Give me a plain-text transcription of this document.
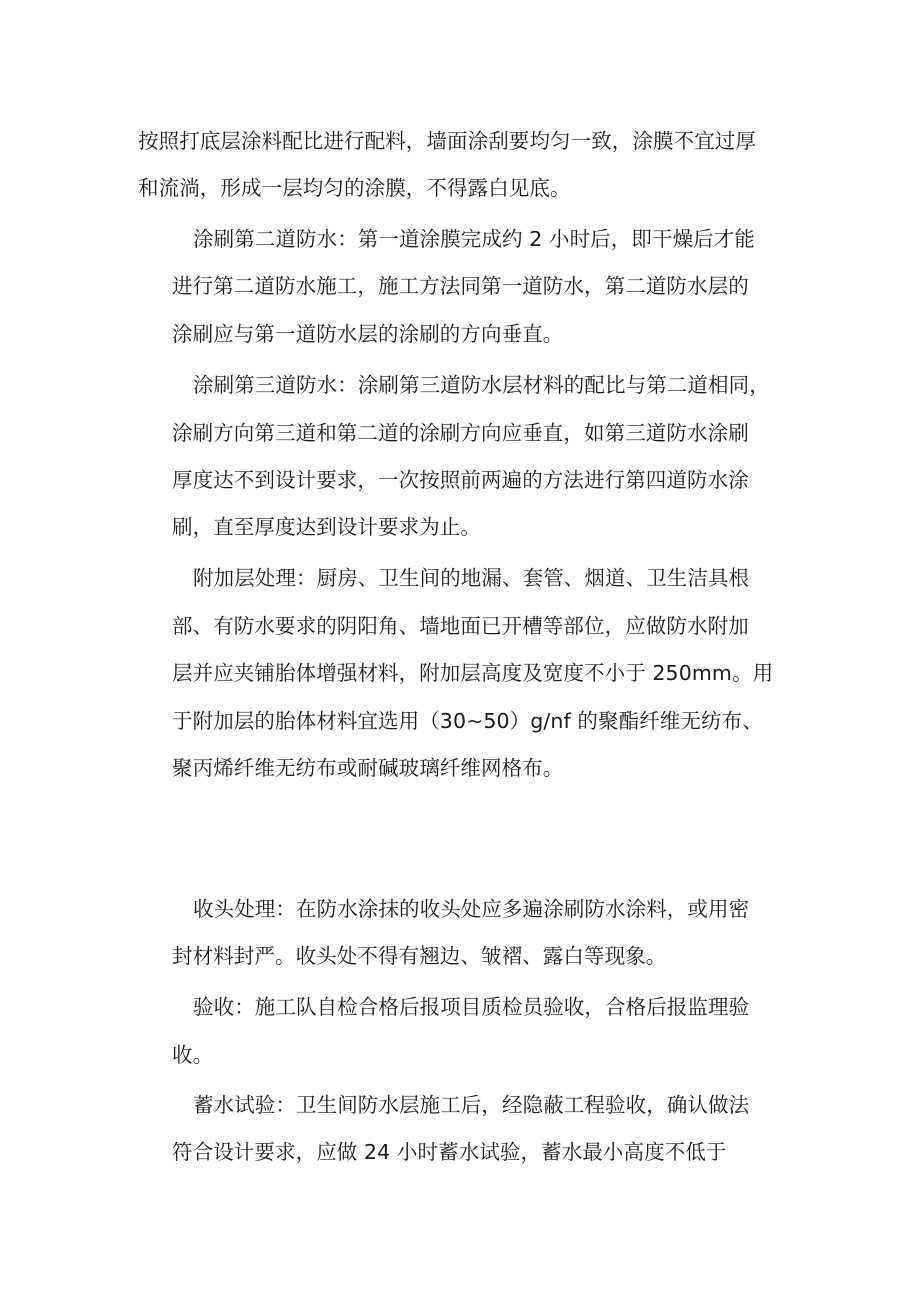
按照打底层涂料配比进行配料，墙面涂刮要均匀一致，涂膜不宜过厚
和流淌，形成一层均匀的涂膜，不得露白见底。
涂刷第二道防水：第一道涂膜完成约 2 小时后，即干燥后才能
进行第二道防水施工，施工方法同第一道防水，第二道防水层的
涂刷应与第一道防水层的涂刷的方向垂直。
涂刷第三道防水：涂刷第三道防水层材料的配比与第二道相同，
涂刷方向第三道和第二道的涂刷方向应垂直，如第三道防水涂刷
厚度达不到设计要求，一次按照前两遍的方法进行第四道防水涂
刷，直至厚度达到设计要求为止。
附加层处理：厨房、卫生间的地漏、套管、烟道、卫生洁具根
部、有防水要求的阴阳角、墙地面已开槽等部位，应做防水附加
层并应夹铺胎体增强材料，附加层高度及宽度不小于 250mm。用
于附加层的胎体材料宜选用（30~50）g/nf 的聚酯纤维无纺布、
聚丙烯纤维无纺布或耐碱玻璃纤维网格布。
收头处理：在防水涂抹的收头处应多遍涂刷防水涂料，或用密
封材料封严。收头处不得有翘边、皱褶、露白等现象。
验收：施工队自检合格后报项目质检员验收，合格后报监理验
收。
蓄水试验：卫生间防水层施工后，经隐蔽工程验收，确认做法
符合设计要求，应做 24 小时蓄水试验，蓄水最小高度不低于
